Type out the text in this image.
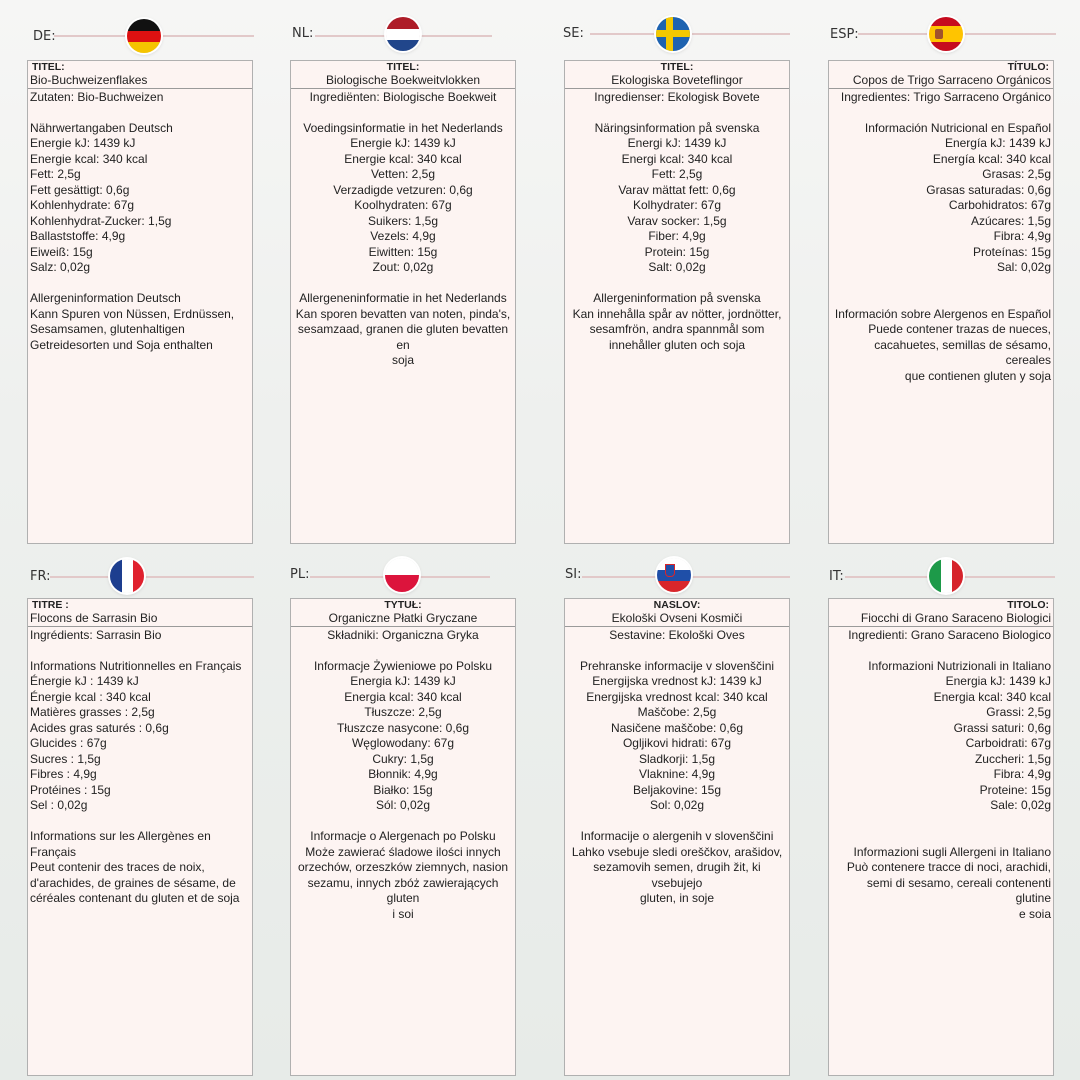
DE:	NL:	SE:	ESP:
FR:	PL:	SI:	IT:
TITEL:
Bio-Buchweizenflakes
Zutaten: Bio-Buchweizen
Nährwertangaben Deutsch
Energie kJ: 1439 kJ
Energie kcal: 340 kcal
Fett: 2,5g
Fett gesättigt: 0,6g
Kohlenhydrate: 67g
Kohlenhydrat-Zucker: 1,5g
Ballaststoffe: 4,9g
Eiweiß: 15g
Salz: 0,02g

Allergeninformation Deutsch
Kann Spuren von Nüssen, Erdnüssen,
Sesamsamen, glutenhaltigen
Getreidesorten und Soja enthalten
TITEL:
Biologische Boekweitvlokken
Ingrediënten: Biologische Boekweit
Voedingsinformatie in het Nederlands
Energie kJ: 1439 kJ
Energie kcal: 340 kcal
Vetten: 2,5g
Verzadigde vetzuren: 0,6g
Koolhydraten: 67g
Suikers: 1,5g
Vezels: 4,9g
Eiwitten: 15g
Zout: 0,02g

Allergeneninformatie in het Nederlands
Kan sporen bevatten van noten, pinda's,
sesamzaad, granen die gluten bevatten en
soja
TITEL:
Ekologiska Boveteflingor
Ingredienser: Ekologisk Bovete
Näringsinformation på svenska
Energi kJ: 1439 kJ
Energi kcal: 340 kcal
Fett: 2,5g
Varav mättat fett: 0,6g
Kolhydrater: 67g
Varav socker: 1,5g
Fiber: 4,9g
Protein: 15g
Salt: 0,02g

Allergeninformation på svenska
Kan innehålla spår av nötter, jordnötter,
sesamfrön, andra spannmål som
innehåller gluten och soja
TÍTULO:
Copos de Trigo Sarraceno Orgánicos
Ingredientes: Trigo Sarraceno Orgánico
Información Nutricional en Español
Energía kJ: 1439 kJ
Energía kcal: 340 kcal
Grasas: 2,5g
Grasas saturadas: 0,6g
Carbohidratos: 67g
Azúcares: 1,5g
Fibra: 4,9g
Proteínas: 15g
Sal: 0,02g

Información sobre Alergenos en Español
Puede contener trazas de nueces,
cacahuetes, semillas de sésamo, cereales
que contienen gluten y soja
TITRE :
Flocons de Sarrasin Bio
Ingrédients: Sarrasin Bio
Informations Nutritionnelles en Français
Énergie kJ : 1439 kJ
Énergie kcal : 340 kcal
Matières grasses : 2,5g
Acides gras saturés : 0,6g
Glucides : 67g
Sucres : 1,5g
Fibres : 4,9g
Protéines : 15g
Sel : 0,02g

Informations sur les Allergènes en
Français
Peut contenir des traces de noix,
d'arachides, de graines de sésame, de
céréales contenant du gluten et de soja
TYTUŁ:
Organiczne Płatki Gryczane
Składniki: Organiczna Gryka
Informacje Żywieniowe po Polsku
Energia kJ: 1439 kJ
Energia kcal: 340 kcal
Tłuszcze: 2,5g
Tłuszcze nasycone: 0,6g
Węglowodany: 67g
Cukry: 1,5g
Błonnik: 4,9g
Białko: 15g
Sól: 0,02g

Informacje o Alergenach po Polsku
Może zawierać śladowe ilości innych
orzechów, orzeszków ziemnych, nasion
sezamu, innych zbóż zawierających gluten
i soi
NASLOV:
Ekološki Ovseni Kosmiči
Sestavine: Ekološki Oves
Prehranske informacije v slovenščini
Energijska vrednost kJ: 1439 kJ
Energijska vrednost kcal: 340 kcal
Maščobe: 2,5g
Nasičene maščobe: 0,6g
Ogljikovi hidrati: 67g
Sladkorji: 1,5g
Vlaknine: 4,9g
Beljakovine: 15g
Sol: 0,02g

Informacije o alergenih v slovenščini
Lahko vsebuje sledi oreščkov, arašidov,
sezamovih semen, drugih žit, ki vsebujejo
gluten, in soje
TITOLO:
Fiocchi di Grano Saraceno Biologici
Ingredienti: Grano Saraceno Biologico
Informazioni Nutrizionali in Italiano
Energia kJ: 1439 kJ
Energia kcal: 340 kcal
Grassi: 2,5g
Grassi saturi: 0,6g
Carboidrati: 67g
Zuccheri: 1,5g
Fibra: 4,9g
Proteine: 15g
Sale: 0,02g

Informazioni sugli Allergeni in Italiano
Può contenere tracce di noci, arachidi,
semi di sesamo, cereali contenenti glutine
e soia
